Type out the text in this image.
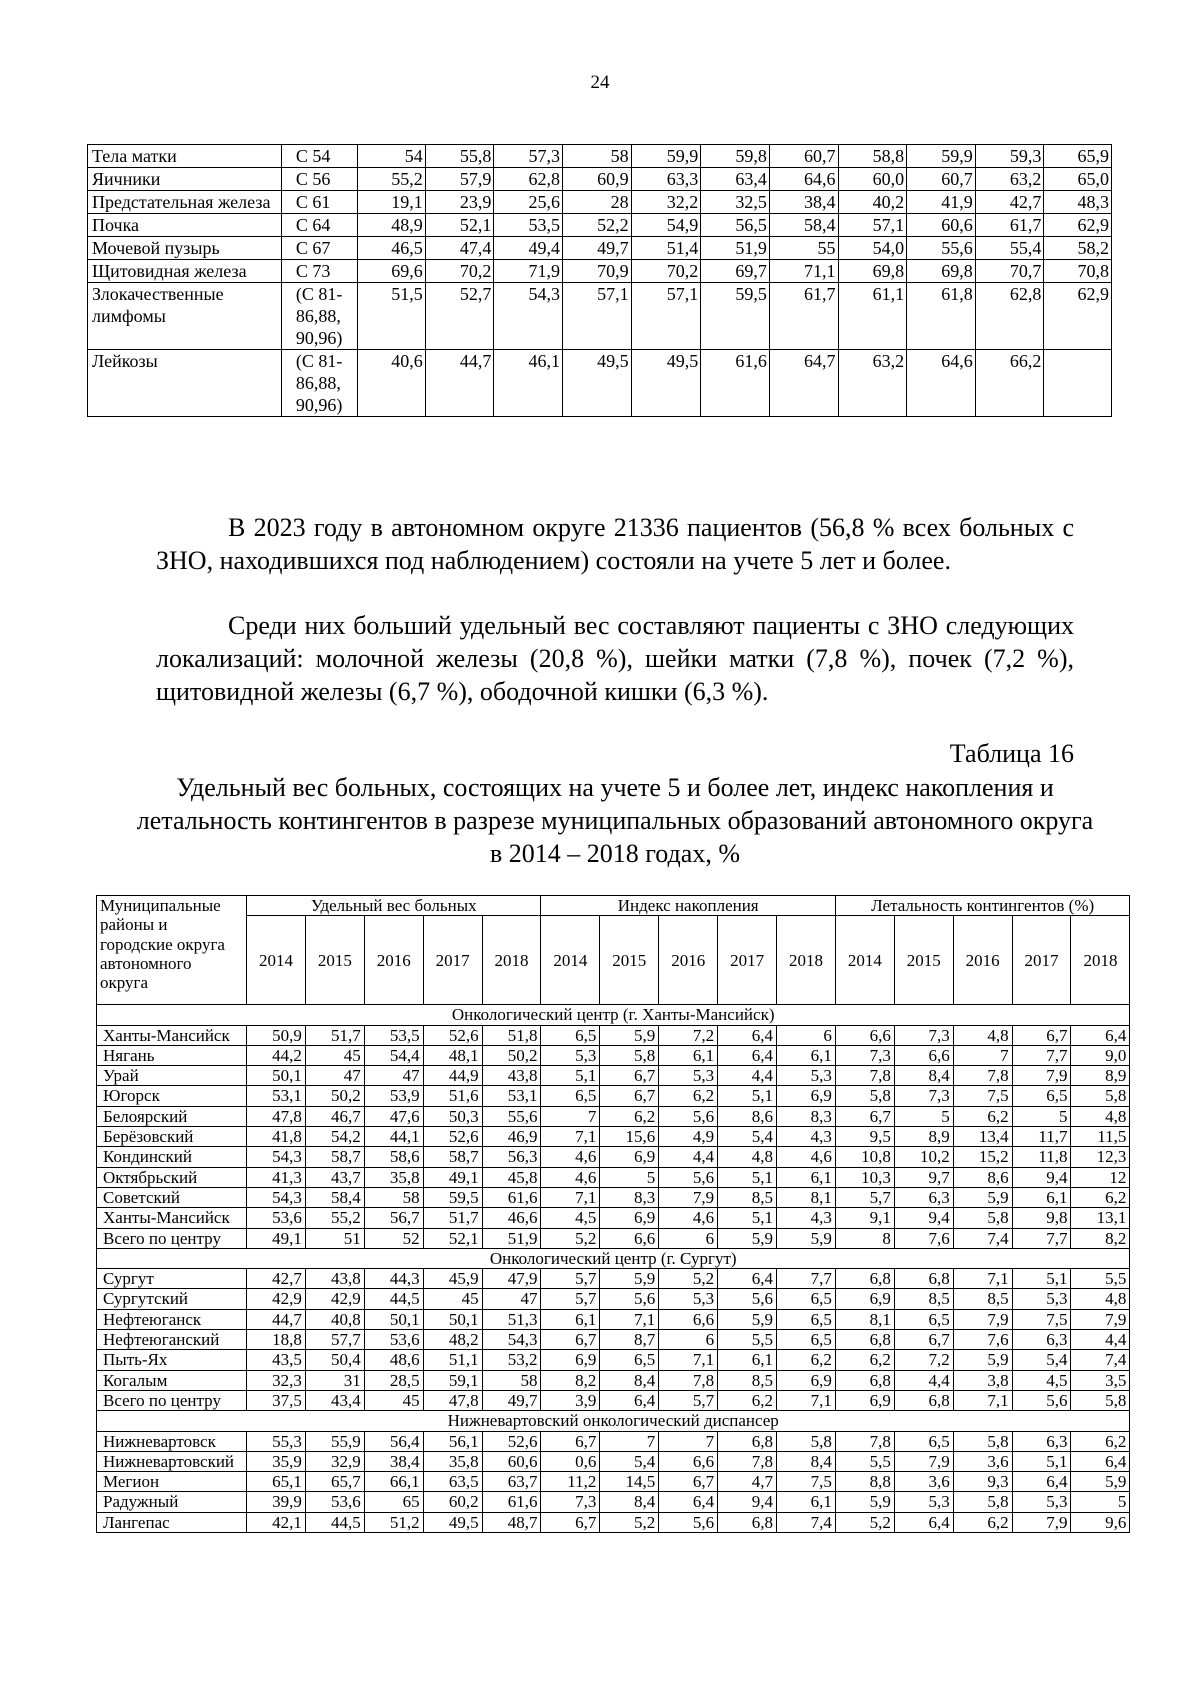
24
Тела матки	С 54	54	55,8	57,3	58	59,9	59,8	60,7	58,8	59,9	59,3	65,9
Яичники	С 56	55,2	57,9	62,8	60,9	63,3	63,4	64,6	60,0	60,7	63,2	65,0
Предстательная железа	С 61	19,1	23,9	25,6	28	32,2	32,5	38,4	40,2	41,9	42,7	48,3
Почка	С 64	48,9	52,1	53,5	52,2	54,9	56,5	58,4	57,1	60,6	61,7	62,9
Мочевой пузырь	С 67	46,5	47,4	49,4	49,7	51,4	51,9	55	54,0	55,6	55,4	58,2
Щитовидная железа	С 73	69,6	70,2	71,9	70,9	70,2	69,7	71,1	69,8	69,8	70,7	70,8
Злокачественные лимфомы	(С 81-86,88, 90,96)	51,5	52,7	54,3	57,1	57,1	59,5	61,7	61,1	61,8	62,8	62,9
Лейкозы	(С 81-86,88, 90,96)	40,6	44,7	46,1	49,5	49,5	61,6	64,7	63,2	64,6	66,2	
В 2023 году в автономном округе 21336 пациентов (56,8 % всех больных с ЗНО, находившихся под наблюдением) состояли на учете 5 лет и более.
Среди них больший удельный вес составляют пациенты с ЗНО следующих локализаций: молочной железы (20,8 %), шейки матки (7,8 %), почек (7,2 %), щитовидной железы (6,7 %), ободочной кишки (6,3 %).
Таблица 16
Удельный вес больных, состоящих на учете 5 и более лет, индекс накопления и летальность контингентов в разрезе муниципальных образований автономного округа в 2014 – 2018 годах, %
Муниципальные районы и городские округа автономного округа	Удельный вес больных					Индекс накопления					Летальность контингентов (%)				
	2014	2015	2016	2017	2018	2014	2015	2016	2017	2018	2014	2015	2016	2017	2018
Онкологический центр (г. Ханты-Мансийск)															
Ханты-Мансийск	50,9	51,7	53,5	52,6	51,8	6,5	5,9	7,2	6,4	6	6,6	7,3	4,8	6,7	6,4
Нягань	44,2	45	54,4	48,1	50,2	5,3	5,8	6,1	6,4	6,1	7,3	6,6	7	7,7	9,0
Урай	50,1	47	47	44,9	43,8	5,1	6,7	5,3	4,4	5,3	7,8	8,4	7,8	7,9	8,9
Югорск	53,1	50,2	53,9	51,6	53,1	6,5	6,7	6,2	5,1	6,9	5,8	7,3	7,5	6,5	5,8
Белоярский	47,8	46,7	47,6	50,3	55,6	7	6,2	5,6	8,6	8,3	6,7	5	6,2	5	4,8
Берёзовский	41,8	54,2	44,1	52,6	46,9	7,1	15,6	4,9	5,4	4,3	9,5	8,9	13,4	11,7	11,5
Кондинский	54,3	58,7	58,6	58,7	56,3	4,6	6,9	4,4	4,8	4,6	10,8	10,2	15,2	11,8	12,3
Октябрьский	41,3	43,7	35,8	49,1	45,8	4,6	5	5,6	5,1	6,1	10,3	9,7	8,6	9,4	12
Советский	54,3	58,4	58	59,5	61,6	7,1	8,3	7,9	8,5	8,1	5,7	6,3	5,9	6,1	6,2
Ханты-Мансийск	53,6	55,2	56,7	51,7	46,6	4,5	6,9	4,6	5,1	4,3	9,1	9,4	5,8	9,8	13,1
Всего по центру	49,1	51	52	52,1	51,9	5,2	6,6	6	5,9	5,9	8	7,6	7,4	7,7	8,2
Онкологический центр (г. Сургут)															
Сургут	42,7	43,8	44,3	45,9	47,9	5,7	5,9	5,2	6,4	7,7	6,8	6,8	7,1	5,1	5,5
Сургутский	42,9	42,9	44,5	45	47	5,7	5,6	5,3	5,6	6,5	6,9	8,5	8,5	5,3	4,8
Нефтеюганск	44,7	40,8	50,1	50,1	51,3	6,1	7,1	6,6	5,9	6,5	8,1	6,5	7,9	7,5	7,9
Нефтеюганский	18,8	57,7	53,6	48,2	54,3	6,7	8,7	6	5,5	6,5	6,8	6,7	7,6	6,3	4,4
Пыть-Ях	43,5	50,4	48,6	51,1	53,2	6,9	6,5	7,1	6,1	6,2	6,2	7,2	5,9	5,4	7,4
Когалым	32,3	31	28,5	59,1	58	8,2	8,4	7,8	8,5	6,9	6,8	4,4	3,8	4,5	3,5
Всего по центру	37,5	43,4	45	47,8	49,7	3,9	6,4	5,7	6,2	7,1	6,9	6,8	7,1	5,6	5,8
Нижневартовский онкологический диспансер															
Нижневартовск	55,3	55,9	56,4	56,1	52,6	6,7	7	7	6,8	5,8	7,8	6,5	5,8	6,3	6,2
Нижневартовский	35,9	32,9	38,4	35,8	60,6	0,6	5,4	6,6	7,8	8,4	5,5	7,9	3,6	5,1	6,4
Мегион	65,1	65,7	66,1	63,5	63,7	11,2	14,5	6,7	4,7	7,5	8,8	3,6	9,3	6,4	5,9
Радужный	39,9	53,6	65	60,2	61,6	7,3	8,4	6,4	9,4	6,1	5,9	5,3	5,8	5,3	5
Лангепас	42,1	44,5	51,2	49,5	48,7	6,7	5,2	5,6	6,8	7,4	5,2	6,4	6,2	7,9	9,6
